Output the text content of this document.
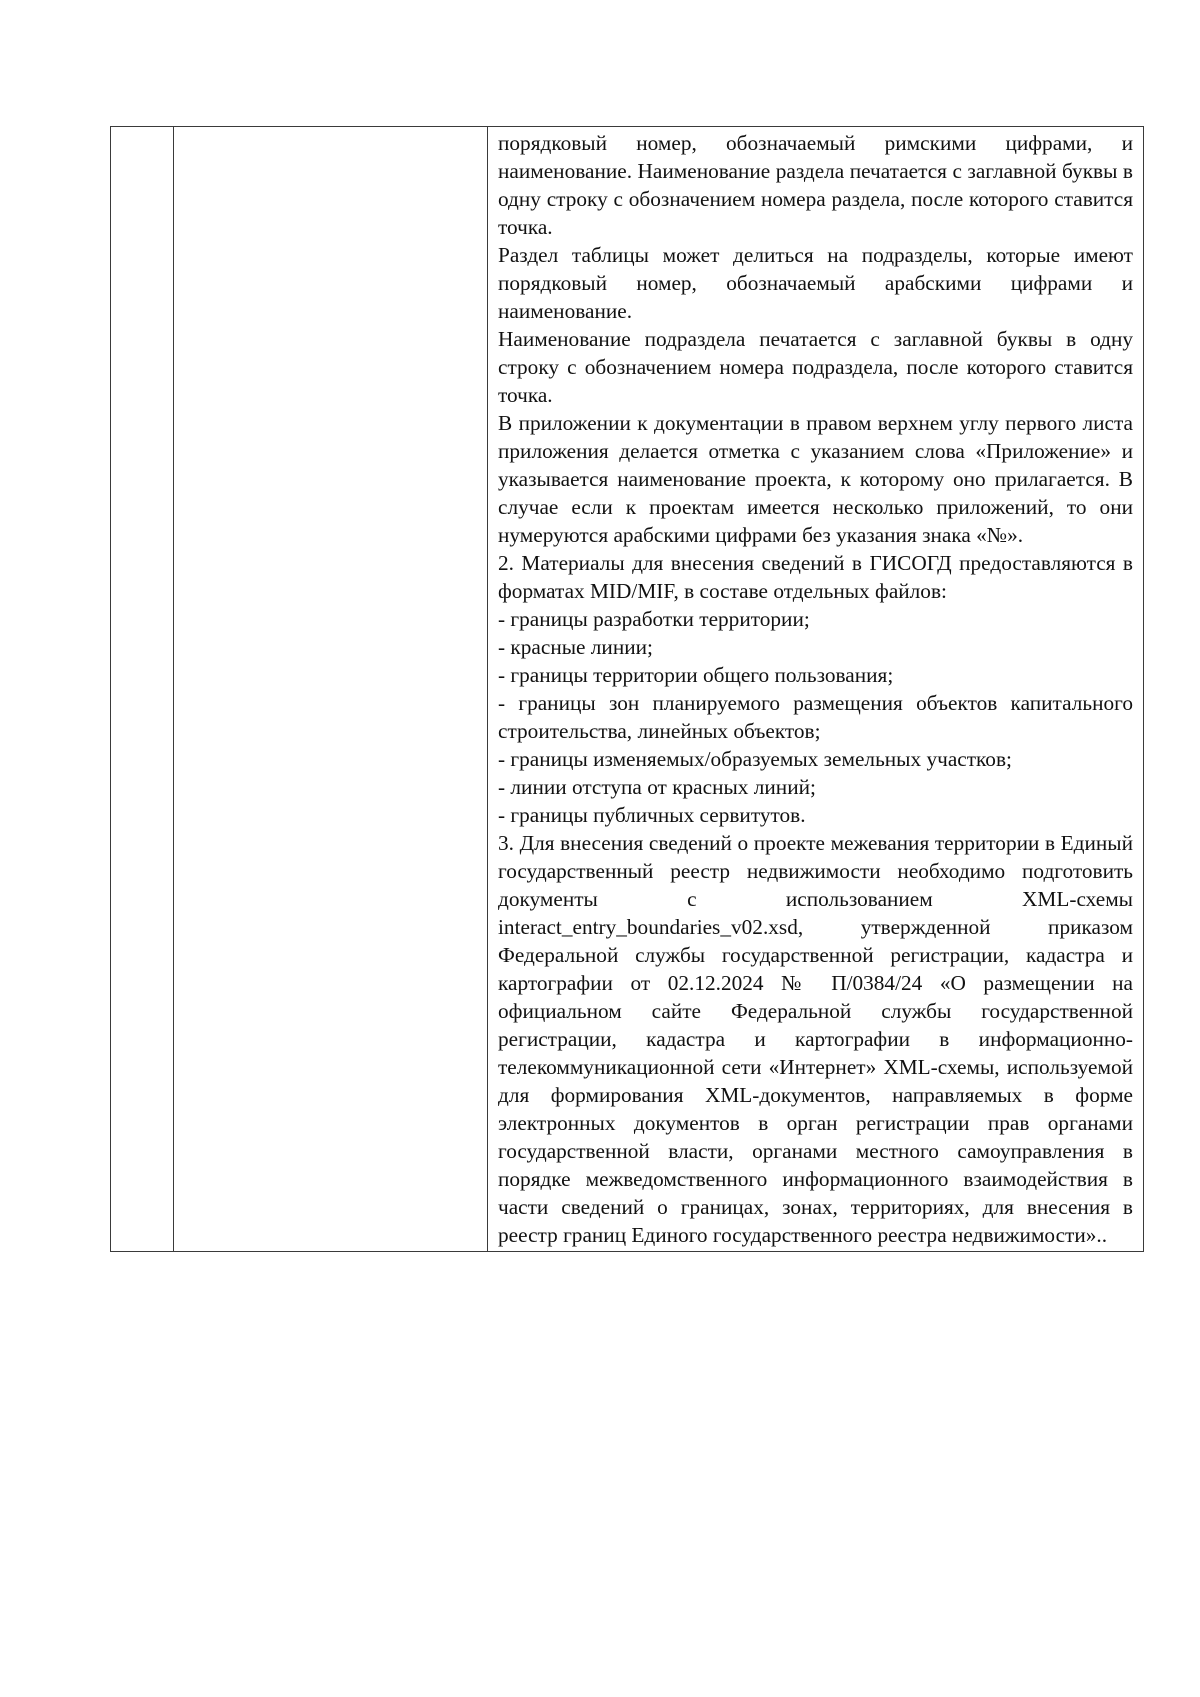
порядковый номер, обозначаемый римскими цифрами, и наименование. Наименование раздела печатается с заглавной буквы в одну строку с обозначением номера раздела, после которого ставится точка.

Раздел таблицы может делиться на подразделы, которые имеют порядковый номер, обозначаемый арабскими цифрами и наименование.

Наименование подраздела печатается с заглавной буквы в одну строку с обозначением номера подраздела, после которого ставится точка.

В приложении к документации в правом верхнем углу первого листа приложения делается отметка с указанием слова «Приложение» и указывается наименование проекта, к которому оно прилагается. В случае если к проектам имеется несколько приложений, то они нумеруются арабскими цифрами без указания знака «№».

2. Материалы для внесения сведений в ГИСОГД предоставляются в форматах MID/MIF, в составе отдельных файлов:

- границы разработки территории;

- красные линии;

- границы территории общего пользования;

- границы зон планируемого размещения объектов капитального строительства, линейных объектов;

- границы изменяемых/образуемых земельных участков;

- линии отступа от красных линий;

- границы публичных сервитутов.

3. Для внесения сведений о проекте межевания территории в Единый государственный реестр недвижимости необходимо подготовить документы с использованием XML-схемы interact_entry_boundaries_v02.xsd, утвержденной приказом Федеральной службы государственной регистрации, кадастра и картографии от 02.12.2024 № П/0384/24 «О размещении на официальном сайте Федеральной службы государственной регистрации, кадастра и картографии в информационно-телекоммуникационной сети «Интернет» XML-схемы, используемой для формирования XML-документов, направляемых в форме электронных документов в орган регистрации прав органами государственной власти, органами местного самоуправления в порядке межведомственного информационного взаимодействия в части сведений о границах, зонах, территориях, для внесения в реестр границ Единого государственного реестра недвижимости»..
